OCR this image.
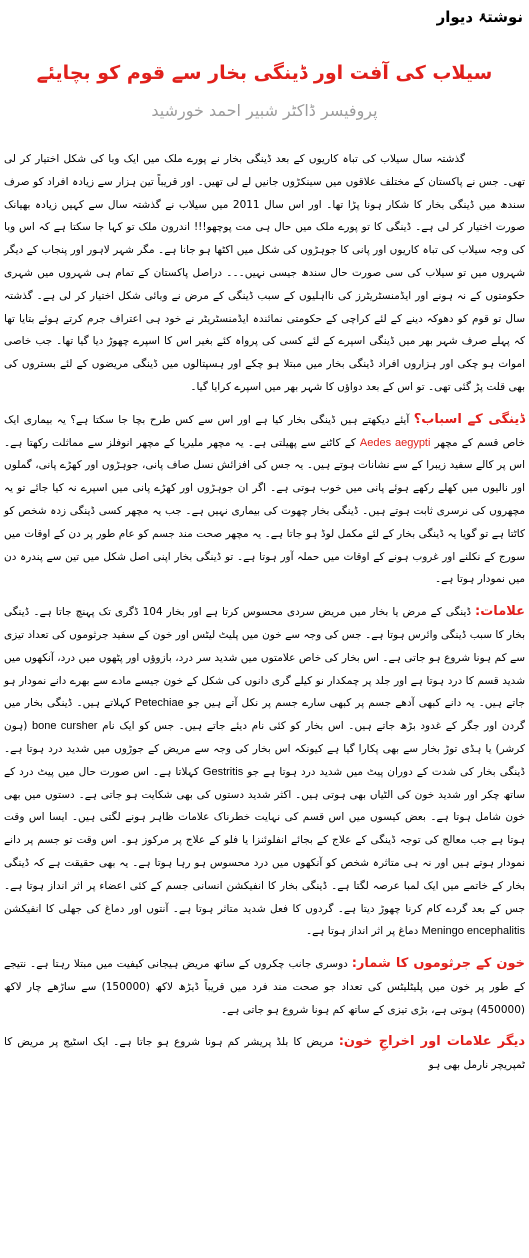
نوشتۂ دیوار
سیلاب کی آفت اور ڈینگی بخار سے قوم کو بچایئے
پروفیسر ڈاکٹر شبیر احمد خورشید

گذشتہ سال سیلاب کی تباہ کاریوں کے بعد ڈینگی بخار نے پورے ملک میں ایک وبا کی شکل اختیار کر لی تھی۔ جس نے پاکستان کے مختلف علاقوں میں سینکڑوں جانیں لے لی تھیں۔ اور قریباً تین ہزار سے زیادہ افراد کو صرف سندھ میں ڈینگی بخار کا شکار ہونا پڑا تھا۔ اور اس سال 2011 میں سیلاب نے گذشتہ سال سے کہیں زیادہ بھیانک صورت اختیار کر لی ہے۔ ڈینگی کا تو پورے ملک میں حال ہی مت پوچھو!!! اندرون ملک تو کہا جا سکتا ہے کہ اس وبا کی وجہ سیلاب کی تباہ کاریوں اور پانی کا جوہڑوں کی شکل میں اکٹھا ہو جانا ہے۔ مگر شہر لاہور اور پنجاب کے دیگر شہروں میں تو سیلاب کی سی صورت حال سندھ جیسی نہیں۔۔۔ دراصل پاکستان کے تمام ہی شہروں میں شہری حکومتوں کے نہ ہونے اور ایڈمنسٹریٹرز کی نااہلیوں کے سبب ڈینگی کے مرض نے وبائی شکل اختیار کر لی ہے۔ گذشتہ سال تو قوم کو دھوکہ دینے کے لئے کراچی کے حکومتی نمائندہ ایڈمنسٹریٹر نے خود ہی اعتراف جرم کرتے ہوئے بتایا تھا کہ پہلے صرف شہر بھر میں ڈینگی اسپرے کے لئے کسی کی پرواہ کئے بغیر اس کا اسپرے چھوڑ دیا گیا تھا۔ جب خاصی اموات ہو چکی اور ہزاروں افراد ڈینگی بخار میں مبتلا ہو چکے اور ہسپتالوں میں ڈینگی مریضوں کے لئے بستروں کی بھی قلت پڑ گئی تھی۔ تو اس کے بعد دواؤں کا شہر بھر میں اسپرے کرایا گیا۔

ڈینگی کے اسباب؟ آیئے دیکھتے ہیں ڈینگی بخار کیا ہے اور اس سے کس طرح بچا جا سکتا ہے؟ یہ بیماری ایک خاص قسم کے مچھر Aedes aegypti کے کاٹنے سے پھیلتی ہے۔ یہ مچھر ملیریا کے مچھر انوفلز سے مماثلت رکھتا ہے۔ اس پر کالے سفید زیبرا کے سے نشانات ہوتے ہیں۔ یہ جس کی افزائش نسل صاف پانی، جوہڑوں اور کھڑے پانی، گملوں اور نالیوں میں کھلے رکھے ہوئے پانی میں خوب ہوتی ہے۔ اگر ان جوہڑوں اور کھڑے پانی میں اسپرے نہ کیا جائے تو یہ مچھروں کی نرسری ثابت ہوتے ہیں۔ ڈینگی بخار چھوت کی بیماری نہیں ہے۔ جب یہ مچھر کسی ڈینگی زدہ شخص کو کاٹتا ہے تو گویا یہ ڈینگی بخار کے لئے مکمل لوڈ ہو جاتا ہے۔ یہ مچھر صحت مند جسم کو عام طور پر دن کے اوقات میں سورج کے نکلنے اور غروب ہونے کے اوقات میں حملہ آور ہوتا ہے۔ تو ڈینگی بخار اپنی اصل شکل میں تین سے پندرہ دن میں نمودار ہوتا ہے۔

علامات: ڈینگی کے مرض یا بخار میں مریض سردی محسوس کرتا ہے اور بخار 104 ڈگری تک پہنچ جاتا ہے۔ ڈینگی بخار کا سبب ڈینگی وائرس ہوتا ہے۔ جس کی وجہ سے خون میں پلیٹ لیٹس اور خون کے سفید جرثوموں کی تعداد تیزی سے کم ہونا شروع ہو جاتی ہے۔ اس بخار کی خاص علامتوں میں شدید سر درد، بازوؤں اور پٹھوں میں درد، آنکھوں میں شدید قسم کا درد ہوتا ہے اور جلد پر چمکدار نو کیلے گری دانوں کی شکل کے خون جیسے مادے سے بھرے دانے نمودار ہو جاتے ہیں۔ یہ دانے کبھی آدھے جسم پر کبھی سارے جسم پر نکل آتے ہیں جو Petechiae کہلاتے ہیں۔ ڈینگی بخار میں گردن اور جگر کے غدود بڑھ جاتے ہیں۔ اس بخار کو کئی نام دیئے جاتے ہیں۔ جس کو ایک نام bone cursher (ہون کرشر) یا ہڈی توڑ بخار سے بھی پکارا گیا ہے کیونکہ اس بخار کی وجہ سے مریض کے جوڑوں میں شدید درد ہوتا ہے۔ ڈینگی بخار کی شدت کے دوران پیٹ میں شدید درد ہوتا ہے جو Gestritis کہلاتا ہے۔ اس صورت حال میں پیٹ درد کے ساتھ چکر اور شدید خون کی الٹیاں بھی ہوتی ہیں۔ اکثر شدید دستوں کی بھی شکایت ہو جاتی ہے۔ دستوں میں بھی خون شامل ہوتا ہے۔ بعض کیسوں میں اس قسم کی نہایت خطرناک علامات ظاہر ہونے لگتی ہیں۔ ایسا اس وقت ہوتا ہے جب معالج کی توجہ ڈینگی کے علاج کے بجائے انفلوئنزا یا فلو کے علاج پر مرکوز ہو۔ اس وقت تو جسم پر دانے نمودار ہوتے ہیں اور نہ ہی متاثرہ شخص کو آنکھوں میں درد محسوس ہو رہا ہوتا ہے۔ یہ بھی حقیقت ہے کہ ڈینگی بخار کے خاتمے میں ایک لمبا عرصہ لگتا ہے۔ ڈینگی بخار کا انفیکشن انسانی جسم کے کئی اعضاء پر اثر انداز ہوتا ہے۔ جس کے بعد گردے کام کرنا چھوڑ دیتا ہے۔ گردوں کا فعل شدید متاثر ہوتا ہے۔ آنتوں اور دماغ کی جھلی کا انفیکشن Meningo encephalitis دماغ پر اثر انداز ہوتا ہے۔

خون کے جرثوموں کا شمار: دوسری جانب چکروں کے ساتھ مریض ہیجانی کیفیت میں مبتلا رہتا ہے۔ نتیجے کے طور پر خون میں پلیٹلیٹس کی تعداد جو صحت مند فرد میں قریباً ڈیڑھ لاکھ (150000) سے ساڑھے چار لاکھ (450000) ہوتی ہے، بڑی تیزی کے ساتھ کم ہونا شروع ہو جاتی ہے۔

دیگر علامات اور اخراجِ خون: مریض کا بلڈ پریشر کم ہونا شروع ہو جاتا ہے۔ ایک اسٹیج پر مریض کا ٹمپریچر نارمل بھی ہو
